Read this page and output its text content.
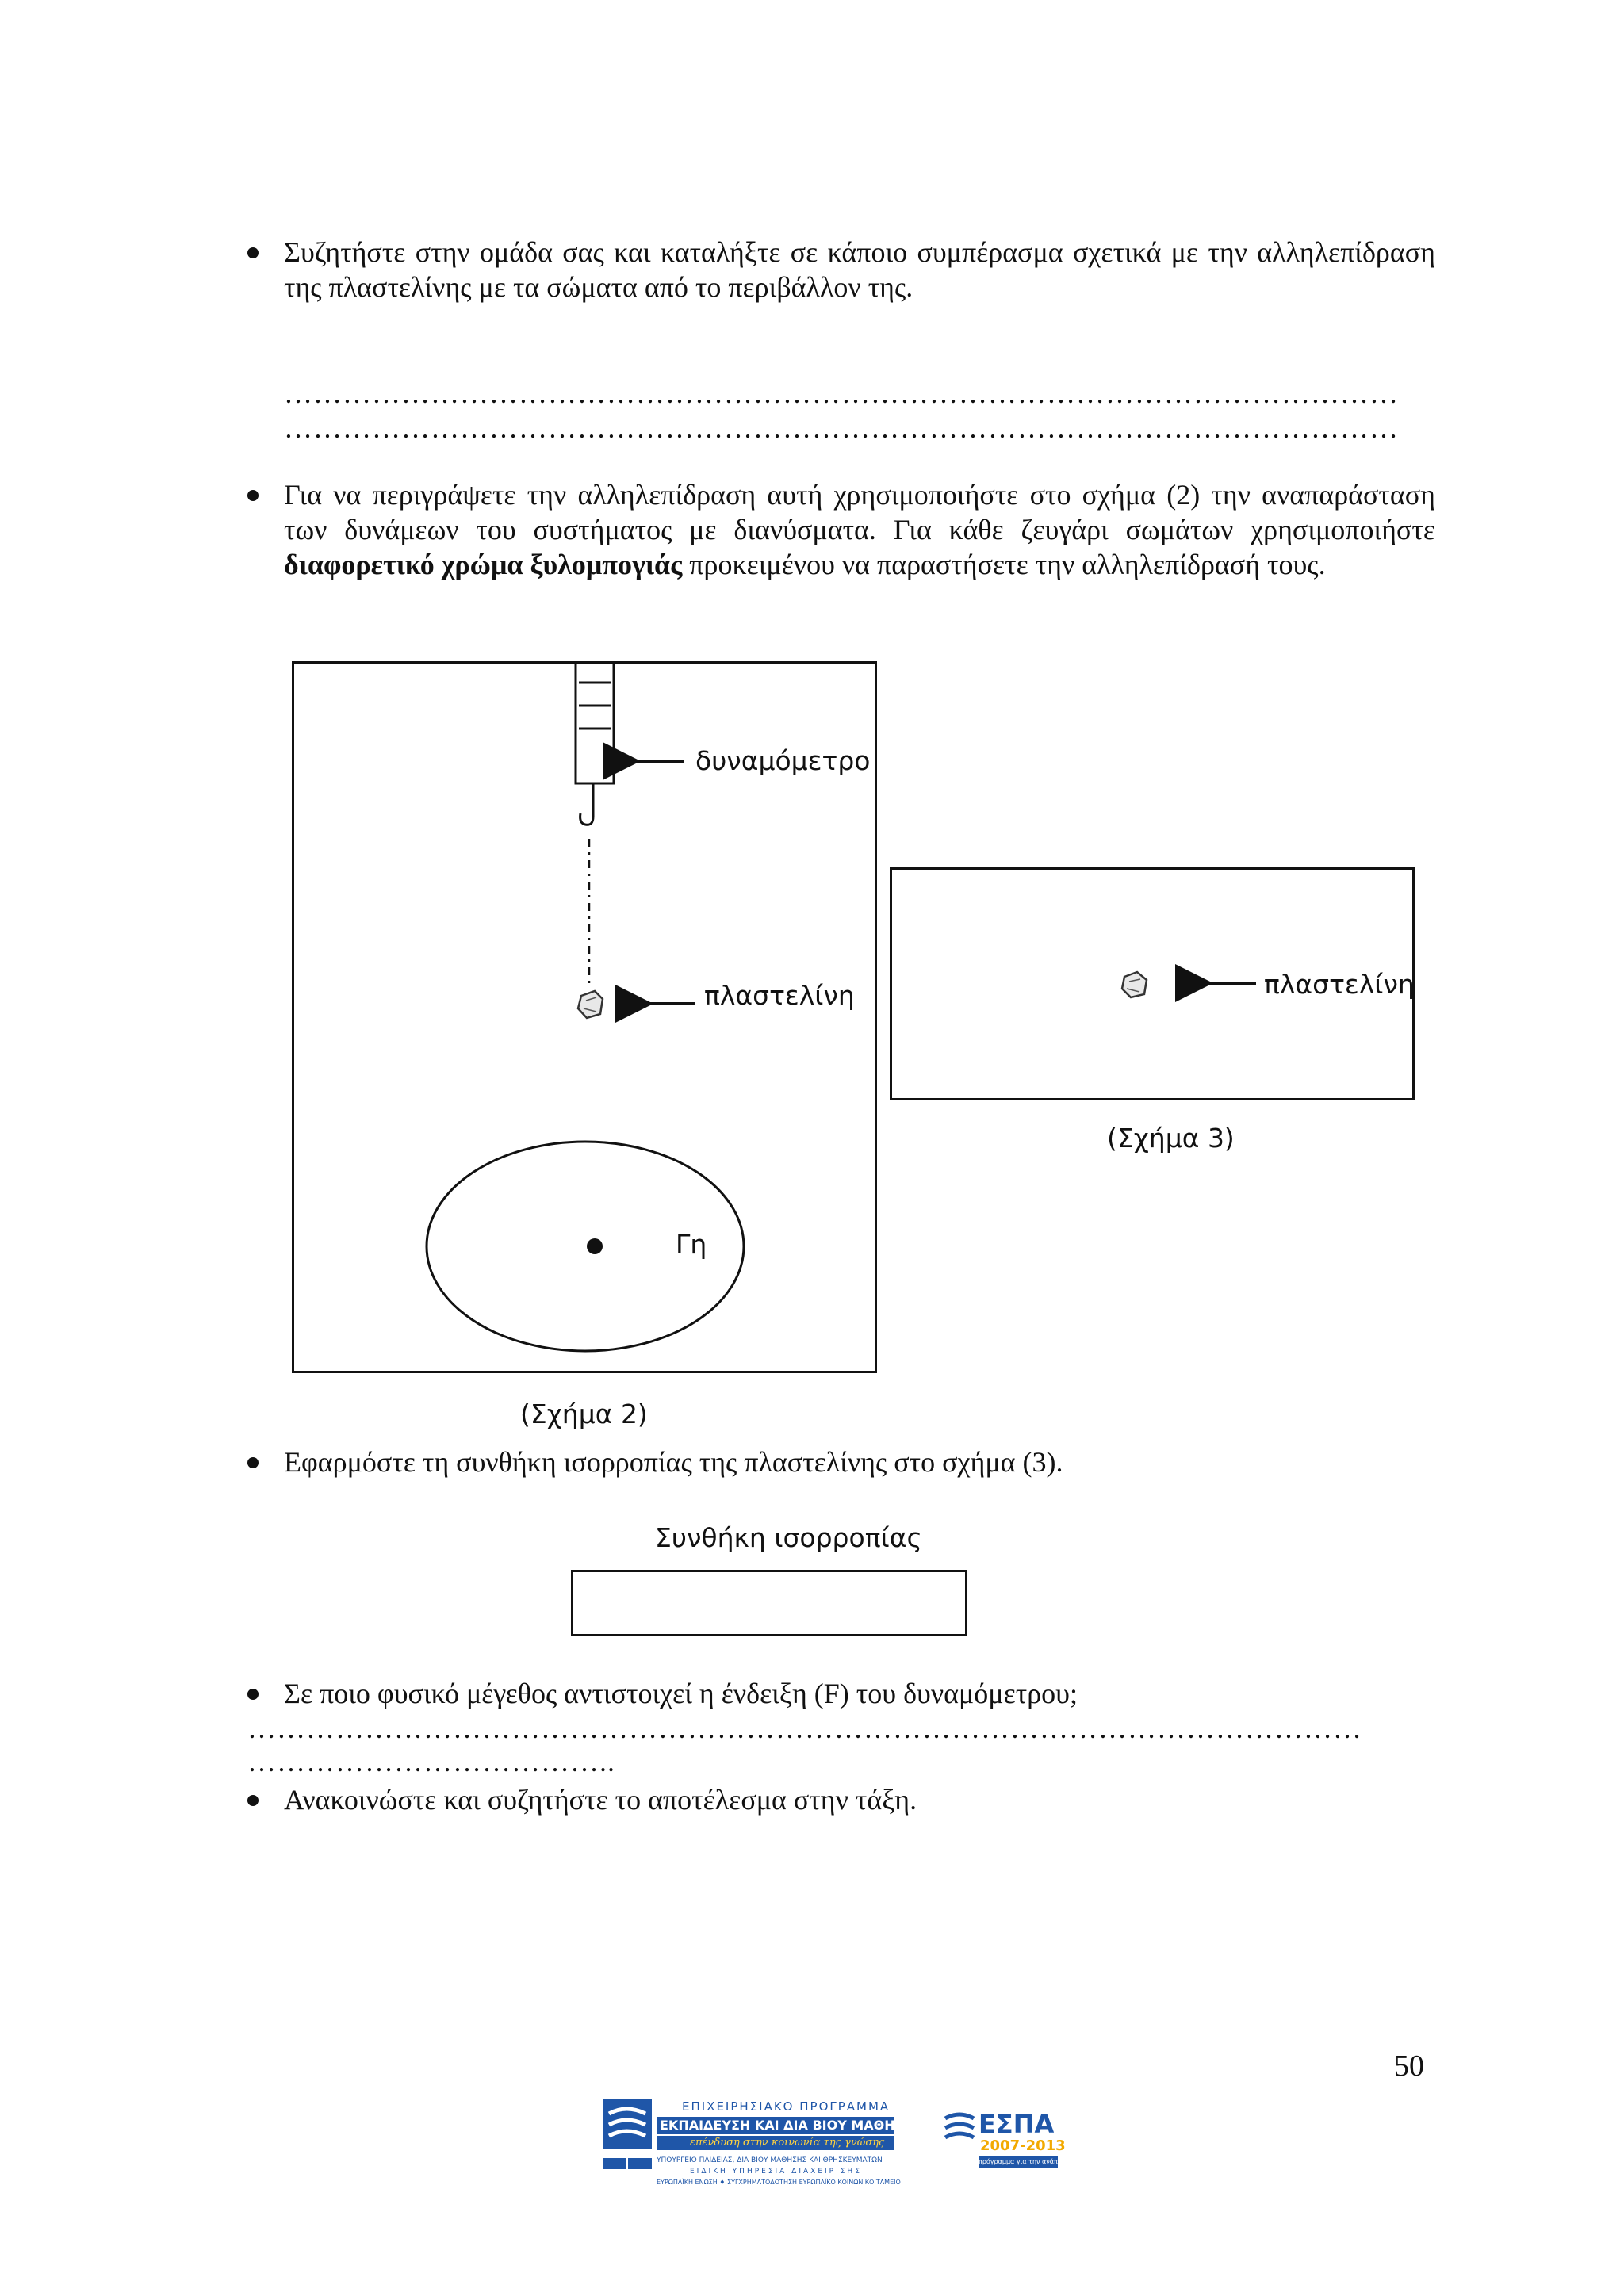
Συζητήστε στην ομάδα σας και καταλήξτε σε κάποιο συμπέρασμα σχετικά με την αλληλεπίδραση της πλαστελίνης με τα σώματα από το περιβάλλον της.
……………………………………………………………………………………………………
……………………………………………………………………………………………………
Για να περιγράψετε την αλληλεπίδραση αυτή χρησιμοποιήστε στο σχήμα (2) την αναπαράσταση των δυνάμεων του συστήματος με διανύσματα. Για κάθε ζευγάρι σωμάτων χρησιμοποιήστε διαφορετικό χρώμα ξυλομπογιάς προκειμένου να παραστήσετε την αλληλεπίδρασή τους.
δυναμόμετρο
πλαστελίνη
Γη
πλαστελίνη
(Σχήμα 3)
(Σχήμα 2)
Εφαρμόστε τη συνθήκη ισορροπίας της πλαστελίνης στο σχήμα (3).
Συνθήκη ισορροπίας
Σε ποιο φυσικό μέγεθος αντιστοιχεί η ένδειξη (F) του δυναμόμετρου;
……………………………………………………………………………………………………
………………………………..
Ανακοινώστε και συζητήστε το αποτέλεσμα στην τάξη.
50
ΕΠΙΧΕΙΡΗΣΙΑΚΟ ΠΡΟΓΡΑΜΜΑ
ΕΚΠΑΙΔΕΥΣΗ ΚΑΙ ΔΙΑ ΒΙΟΥ ΜΑΘΗΣΗ
επένδυση στην κοινωνία της γνώσης
ΥΠΟΥΡΓΕΙΟ ΠΑΙΔΕΙΑΣ, ΔΙΑ ΒΙΟΥ ΜΑΘΗΣΗΣ ΚΑΙ ΘΡΗΣΚΕΥΜΑΤΩΝ
ΕΙΔΙΚΗ ΥΠΗΡΕΣΙΑ ΔΙΑΧΕΙΡΙΣΗΣ
ΕΥΡΩΠΑΪΚΗ ΕΝΩΣΗ ♦ ΣΥΓΧΡΗΜΑΤΟΔΟΤΗΣΗ ΕΥΡΩΠΑΪΚΟ ΚΟΙΝΩΝΙΚΟ ΤΑΜΕΙΟ
ΕΣΠΑ
2007-2013
πρόγραμμα για την ανάπτυξη
